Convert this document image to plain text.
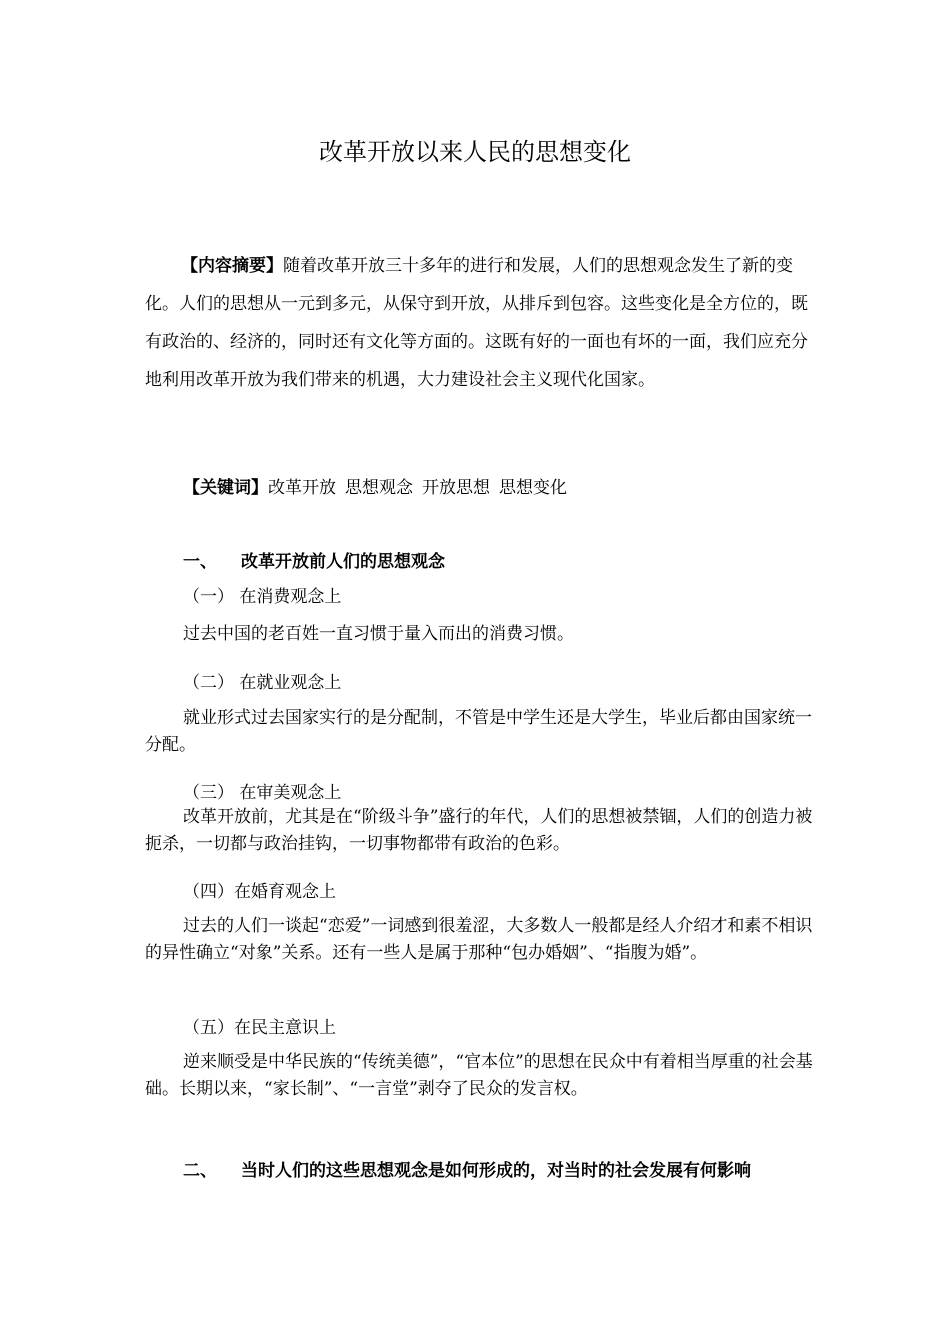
改革开放以来人民的思想变化
【内容摘要】随着改革开放三十多年的进行和发展，人们的思想观念发生了新的变化。人们的思想从一元到多元，从保守到开放，从排斥到包容。这些变化是全方位的，既有政治的、经济的，同时还有文化等方面的。这既有好的一面也有坏的一面，我们应充分地利用改革开放为我们带来的机遇，大力建设社会主义现代化国家。
【关键词】改革开放 思想观念 开放思想 思想变化
一、 改革开放前人们的思想观念
（一） 在消费观念上
过去中国的老百姓一直习惯于量入而出的消费习惯。
（二） 在就业观念上
就业形式过去国家实行的是分配制，不管是中学生还是大学生，毕业后都由国家统一分配。
（三） 在审美观念上
改革开放前，尤其是在“阶级斗争”盛行的年代，人们的思想被禁锢，人们的创造力被扼杀，一切都与政治挂钩，一切事物都带有政治的色彩。
（四）在婚育观念上
过去的人们一谈起“恋爱”一词感到很羞涩，大多数人一般都是经人介绍才和素不相识的异性确立“对象”关系。还有一些人是属于那种“包办婚姻”、“指腹为婚”。
（五）在民主意识上
逆来顺受是中华民族的“传统美德”，“官本位”的思想在民众中有着相当厚重的社会基础。长期以来，“家长制”、“一言堂”剥夺了民众的发言权。
二、 当时人们的这些思想观念是如何形成的，对当时的社会发展有何影响
